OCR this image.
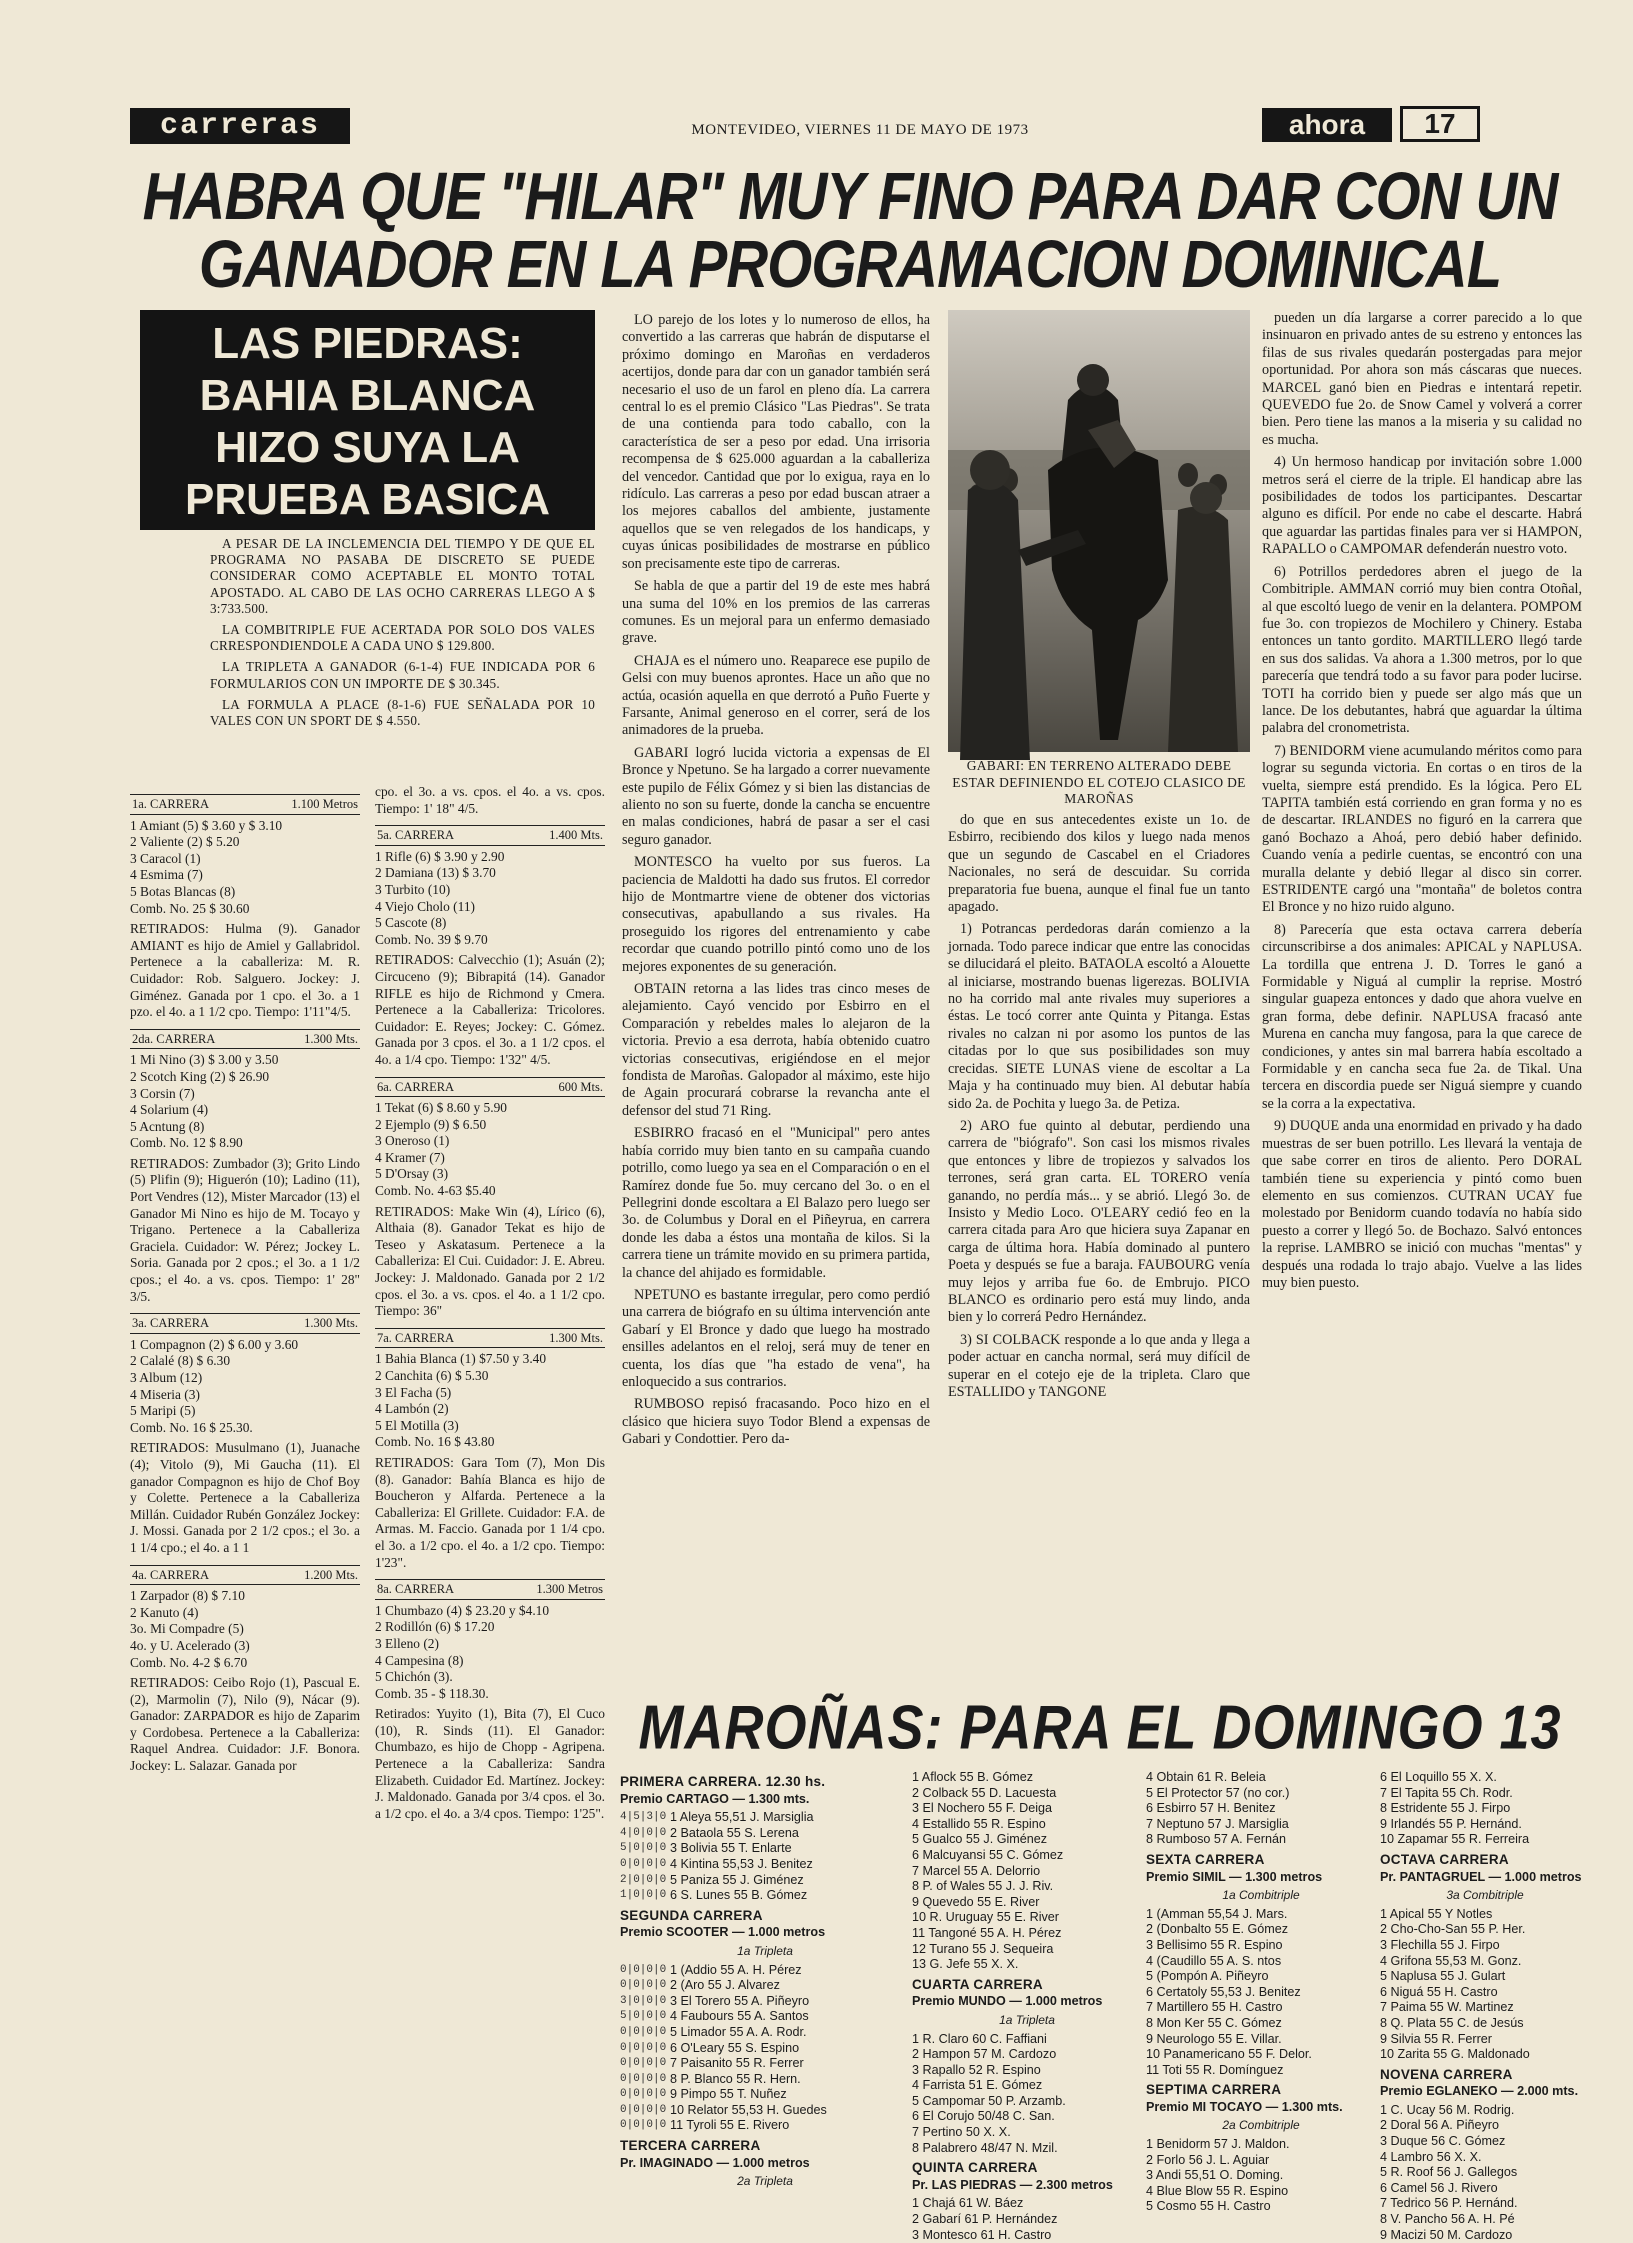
carreras	MONTEVIDEO, VIERNES 11 DE MAYO DE 1973	ahora	17
HABRA QUE "HILAR" MUY FINO PARA DAR CON UN
GANADOR EN LA PROGRAMACION DOMINICAL
LAS PIEDRAS:
BAHIA BLANCA
HIZO SUYA LA
PRUEBA BASICA

A PESAR DE LA INCLEMENCIA DEL TIEMPO Y DE QUE EL PROGRAMA NO PASABA DE DISCRETO SE PUEDE CONSIDERAR COMO ACEPTABLE EL MONTO TOTAL APOSTADO. AL CABO DE LAS OCHO CARRERAS LLEGO A $ 3:733.500.

LA COMBITRIPLE FUE ACERTADA POR SOLO DOS VALES CRRESPONDIENDOLE A CADA UNO $ 129.800.

LA TRIPLETA A GANADOR (6-1-4) FUE INDICADA POR 6 FORMULARIOS CON UN IMPORTE DE $ 30.345.

LA FORMULA A PLACE (8-1-6) FUE SEÑALADA POR 10 VALES CON UN SPORT DE $ 4.550.

1a. CARRERA	1.100 Metros
1 Amiant (5) $ 3.60 y $ 3.10
2 Valiente (2) $ 5.20
3 Caracol (1)
4 Esmima (7)
5 Botas Blancas (8)
Comb. No. 25 $ 30.60
RETIRADOS: Hulma (9). Ganador AMIANT es hijo de Amiel y Gallabridol. Pertenece a la caballeriza: M. R. Cuidador: Rob. Salguero. Jockey: J. Giménez. Ganada por 1 cpo. el 3o. a 1 pzo. el 4o. a 1 1/2 cpo. Tiempo: 1'11"4/5.
2da. CARRERA	1.300 Mts.
1 Mi Nino (3) $ 3.00 y 3.50
2 Scotch King (2) $ 26.90
3 Corsin (7)
4 Solarium (4)
5 Acntung (8)
Comb. No. 12 $ 8.90
RETIRADOS: Zumbador (3); Grito Lindo (5) Plifin (9); Higuerón (10); Ladino (11), Port Vendres (12), Mister Marcador (13) el Ganador Mi Nino es hijo de M. Tocayo y Trigano. Pertenece a la Caballeriza Graciela. Cuidador: W. Pérez; Jockey L. Soria. Ganada por 2 cpos.; el 3o. a 1 1/2 cpos.; el 4o. a vs. cpos. Tiempo: 1' 28" 3/5.
3a. CARRERA	1.300 Mts.
1 Compagnon (2) $ 6.00 y 3.60
2 Calalé (8) $ 6.30
3 Album (12)
4 Miseria (3)
5 Maripi (5)
Comb. No. 16 $ 25.30.
RETIRADOS: Musulmano (1), Juanache (4); Vitolo (9), Mi Gaucha (11). El ganador Compagnon es hijo de Chof Boy y Colette. Pertenece a la Caballeriza Millán. Cuidador Rubén González Jockey: J. Mossi. Ganada por 2 1/2 cpos.; el 3o. a 1 1/4 cpo.; el 4o. a 1 1
4a. CARRERA	1.200 Mts.
1 Zarpador (8) $ 7.10
2 Kanuto (4)
3o. Mi Compadre (5)
4o. y U. Acelerado (3)
Comb. No. 4-2 $ 6.70
RETIRADOS: Ceibo Rojo (1), Pascual E. (2), Marmolin (7), Nilo (9), Nácar (9). Ganador: ZARPADOR es hijo de Zaparim y Cordobesa. Pertenece a la Caballeriza: Raquel Andrea. Cuidador: J.F. Bonora. Jockey: L. Salazar. Ganada por
cpo. el 3o. a vs. cpos. el 4o. a vs. cpos. Tiempo: 1' 18" 4/5.
5a. CARRERA	1.400 Mts.
1 Rifle (6) $ 3.90 y 2.90
2 Damiana (13) $ 3.70
3 Turbito (10)
4 Viejo Cholo (11)
5 Cascote (8)
Comb. No. 39 $ 9.70
RETIRADOS: Calvecchio (1); Asuán (2); Circuceno (9); Bibrapitá (14). Ganador RIFLE es hijo de Richmond y Cmera. Pertenece a la Caballeriza: Tricolores. Cuidador: E. Reyes; Jockey: C. Gómez. Ganada por 3 cpos. el 3o. a 1 1/2 cpos. el 4o. a 1/4 cpo. Tiempo: 1'32" 4/5.
6a. CARRERA	600 Mts.
1 Tekat (6) $ 8.60 y 5.90
2 Ejemplo (9) $ 6.50
3 Oneroso (1)
4 Kramer (7)
5 D'Orsay (3)
Comb. No. 4-63 $5.40
RETIRADOS: Make Win (4), Lírico (6), Althaia (8). Ganador Tekat es hijo de Teseo y Askatasum. Pertenece a la Caballeriza: El Cui. Cuidador: J. E. Abreu. Jockey: J. Maldonado. Ganada por 2 1/2 cpos. el 3o. a vs. cpos. el 4o. a 1 1/2 cpo. Tiempo: 36"
7a. CARRERA	1.300 Mts.
1 Bahia Blanca (1) $7.50 y 3.40
2 Canchita (6) $ 5.30
3 El Facha (5)
4 Lambón (2)
5 El Motilla (3)
Comb. No. 16 $ 43.80
RETIRADOS: Gara Tom (7), Mon Dis (8). Ganador: Bahía Blanca es hijo de Boucheron y Alfarda. Pertenece a la Caballeriza: El Grillete. Cuidador: F.A. de Armas. M. Faccio. Ganada por 1 1/4 cpo. el 3o. a 1/2 cpo. el 4o. a 1/2 cpo. Tiempo: 1'23".
8a. CARRERA	1.300 Metros
1 Chumbazo (4) $ 23.20 y $4.10
2 Rodillón (6) $ 17.20
3 Elleno (2)
4 Campesina (8)
5 Chichón (3).
Comb. 35 - $ 118.30.
Retirados: Yuyito (1), Bita (7), El Cuco (10), R. Sinds (11). El Ganador: Chumbazo, es hijo de Chopp - Agripena. Pertenece a la Caballeriza: Sandra Elizabeth. Cuidador Ed. Martínez. Jockey: J. Maldonado. Ganada por 3/4 cpos. el 3o. a 1/2 cpo. el 4o. a 3/4 cpos. Tiempo: 1'25".

LO parejo de los lotes y lo numeroso de ellos, ha convertido a las carreras que habrán de disputarse el próximo domingo en Maroñas en verdaderos acertijos, donde para dar con un ganador también será necesario el uso de un farol en pleno día. La carrera central lo es el premio Clásico "Las Piedras". Se trata de una contienda para todo caballo, con la característica de ser a peso por edad. Una irrisoria recompensa de $ 625.000 aguardan a la caballeriza del vencedor. Cantidad que por lo exigua, raya en lo ridículo. Las carreras a peso por edad buscan atraer a los mejores caballos del ambiente, justamente aquellos que se ven relegados de los handicaps, y cuyas únicas posibilidades de mostrarse en público son precisamente este tipo de carreras.

Se habla de que a partir del 19 de este mes habrá una suma del 10% en los premios de las carreras comunes. Es un mejoral para un enfermo demasiado grave.

CHAJA es el número uno. Reaparece ese pupilo de Gelsi con muy buenos aprontes. Hace un año que no actúa, ocasión aquella en que derrotó a Puño Fuerte y Farsante, Animal generoso en el correr, será de los animadores de la prueba.

GABARI logró lucida victoria a expensas de El Bronce y Npetuno. Se ha largado a correr nuevamente este pupilo de Félix Gómez y si bien las distancias de aliento no son su fuerte, donde la cancha se encuentre en malas condiciones, habrá de pasar a ser el casi seguro ganador.

MONTESCO ha vuelto por sus fueros. La paciencia de Maldotti ha dado sus frutos. El corredor hijo de Montmartre viene de obtener dos victorias consecutivas, apabullando a sus rivales. Ha proseguido los rigores del entrenamiento y cabe recordar que cuando potrillo pintó como uno de los mejores exponentes de su generación.

OBTAIN retorna a las lides tras cinco meses de alejamiento. Cayó vencido por Esbirro en el Comparación y rebeldes males lo alejaron de la victoria. Previo a esa derrota, había obtenido cuatro victorias consecutivas, erigiéndose en el mejor fondista de Maroñas. Galopador al máximo, este hijo de Again procurará cobrarse la revancha ante el defensor del stud 71 Ring.

ESBIRRO fracasó en el "Municipal" pero antes había corrido muy bien tanto en su campaña cuando potrillo, como luego ya sea en el Comparación o en el Ramírez donde fue 5o. muy cercano del 3o. o en el Pellegrini donde escoltara a El Balazo pero luego ser 3o. de Columbus y Doral en el Piñeyrua, en carrera donde les daba a éstos una montaña de kilos. Si la carrera tiene un trámite movido en su primera partida, la chance del ahijado es formidable.

NPETUNO es bastante irregular, pero como perdió una carrera de biógrafo en su última intervención ante Gabarí y El Bronce y dado que luego ha mostrado ensilles adelantos en el reloj, será muy de tener en cuenta, los días que "ha estado de vena", ha enloquecido a sus contrarios.

RUMBOSO repisó fracasando. Poco hizo en el clásico que hiciera suyo Todor Blend a expensas de Gabari y Condottier. Pero da-

GABARI: EN TERRENO ALTERADO DEBE ESTAR DEFINIENDO EL COTEJO CLASICO DE MAROÑAS

do que en sus antecedentes existe un 1o. de Esbirro, recibiendo dos kilos y luego nada menos que un segundo de Cascabel en el Criadores Nacionales, no será de descuidar. Su corrida preparatoria fue buena, aunque el final fue un tanto apagado.

1) Potrancas perdedoras darán comienzo a la jornada. Todo parece indicar que entre las conocidas se dilucidará el pleito. BATAOLA escoltó a Alouette al iniciarse, mostrando buenas ligerezas. BOLIVIA no ha corrido mal ante rivales muy superiores a éstas. Le tocó correr ante Quinta y Pitanga. Estas rivales no calzan ni por asomo los puntos de las citadas por lo que sus posibilidades son muy crecidas. SIETE LUNAS viene de escoltar a La Maja y ha continuado muy bien. Al debutar había sido 2a. de Pochita y luego 3a. de Petiza.

2) ARO fue quinto al debutar, perdiendo una carrera de "biógrafo". Son casi los mismos rivales que entonces y libre de tropiezos y salvados los terrones, será gran carta. EL TORERO venía ganando, no perdía más... y se abrió. Llegó 3o. de Insisto y Medio Loco. O'LEARY cedió feo en la carrera citada para Aro que hiciera suya Zapanar en carga de última hora. Había dominado al puntero Poeta y después se fue a baraja. FAUBOURG venía muy lejos y arriba fue 6o. de Embrujo. PICO BLANCO es ordinario pero está muy lindo, anda bien y lo correrá Pedro Hernández.

3) SI COLBACK responde a lo que anda y llega a poder actuar en cancha normal, será muy difícil de superar en el cotejo eje de la tripleta. Claro que ESTALLIDO y TANGONE

pueden un día largarse a correr parecido a lo que insinuaron en privado antes de su estreno y entonces las filas de sus rivales quedarán postergadas para mejor oportunidad. Por ahora son más cáscaras que nueces. MARCEL ganó bien en Piedras e intentará repetir. QUEVEDO fue 2o. de Snow Camel y volverá a correr bien. Pero tiene las manos a la miseria y su calidad no es mucha.

4) Un hermoso handicap por invitación sobre 1.000 metros será el cierre de la triple. El handicap abre las posibilidades de todos los participantes. Descartar alguno es difícil. Por ende no cabe el descarte. Habrá que aguardar las partidas finales para ver si HAMPON, RAPALLO o CAMPOMAR defenderán nuestro voto.

6) Potrillos perdedores abren el juego de la Combitriple. AMMAN corrió muy bien contra Otoñal, al que escoltó luego de venir en la delantera. POMPOM fue 3o. con tropiezos de Mochilero y Chinery. Estaba entonces un tanto gordito. MARTILLERO llegó tarde en sus dos salidas. Va ahora a 1.300 metros, por lo que parecería que tendrá todo a su favor para poder lucirse. TOTI ha corrido bien y puede ser algo más que un lance. De los debutantes, habrá que aguardar la última palabra del cronometrista.

7) BENIDORM viene acumulando méritos como para lograr su segunda victoria. En cortas o en tiros de la vuelta, siempre está prendido. Es la lógica. Pero EL TAPITA también está corriendo en gran forma y no es de descartar. IRLANDES no figuró en la carrera que ganó Bochazo a Ahoá, pero debió haber definido. Cuando venía a pedirle cuentas, se encontró con una muralla delante y debió llegar al disco sin correr. ESTRIDENTE cargó una "montaña" de boletos contra El Bronce y no hizo ruido alguno.

8) Parecería que esta octava carrera debería circunscribirse a dos animales: APICAL y NAPLUSA. La tordilla que entrena J. D. Torres le ganó a Formidable y Niguá al cumplir la reprise. Mostró singular guapeza entonces y dado que ahora vuelve en gran forma, debe definir. NAPLUSA fracasó ante Murena en cancha muy fangosa, para la que carece de condiciones, y antes sin mal barrera había escoltado a Formidable y en cancha seca fue 2a. de Tikal. Una tercera en discordia puede ser Niguá siempre y cuando se la corra a la expectativa.

9) DUQUE anda una enormidad en privado y ha dado muestras de ser buen potrillo. Les llevará la ventaja de que sabe correr en tiros de aliento. Pero DORAL también tiene su experiencia y pintó como buen elemento en sus comienzos. CUTRAN UCAY fue molestado por Benidorm cuando todavía no había sido puesto a correr y llegó 5o. de Bochazo. Salvó entonces la reprise. LAMBRO se inició con muchas "mentas" y después una rodada lo trajo abajo. Vuelve a las lides muy bien puesto.

MAROÑAS: PARA EL DOMINGO 13
PRIMERA CARRERA. 12.30 hs.
Premio CARTAGO — 1.300 mts.
4|5|3|0 1 Aleya 55,51 J. Marsiglia
4|0|0|0 2 Bataola 55 S. Lerena
5|0|0|0 3 Bolivia 55 T. Enlarte
0|0|0|0 4 Kintina 55,53 J. Benitez
2|0|0|0 5 Paniza 55 J. Giménez
1|0|0|0 6 S. Lunes 55 B. Gómez
SEGUNDA CARRERA
Premio SCOOTER — 1.000 metros
1a Tripleta
0|0|0|0 1 (Addio 55 A. H. Pérez
0|0|0|0 2 (Aro 55 J. Alvarez
3|0|0|0 3 El Torero 55 A. Piñeyro
5|0|0|0 4 Faubours 55 A. Santos
0|0|0|0 5 Limador 55 A. A. Rodr.
0|0|0|0 6 O'Leary 55 S. Espino
0|0|0|0 7 Paisanito 55 R. Ferrer
0|0|0|0 8 P. Blanco 55 R. Hern.
0|0|0|0 9 Pimpo 55 T. Nuñez
0|0|0|0 10 Relator 55,53 H. Guedes
0|0|0|0 11 Tyroli 55 E. Rivero
TERCERA CARRERA
Pr. IMAGINADO — 1.000 metros
2a Tripleta
1 Aflock 55 B. Gómez
2 Colback 55 D. Lacuesta
3 El Nochero 55 F. Deiga
4 Estallido 55 R. Espino
5 Gualco 55 J. Giménez
6 Malcuyansi 55 C. Gómez
7 Marcel 55 A. Delorrio
8 P. of Wales 55 J. J. Riv.
9 Quevedo 55 E. River
10 R. Uruguay 55 E. River
11 Tangoné 55 A. H. Pérez
12 Turano 55 J. Sequeira
13 G. Jefe 55 X. X.
CUARTA CARRERA
Premio MUNDO — 1.000 metros
1a Tripleta
1 R. Claro 60 C. Faffiani
2 Hampon 57 M. Cardozo
3 Rapallo 52 R. Espino
4 Farrista 51 E. Gómez
5 Campomar 50 P. Arzamb.
6 El Corujo 50/48 C. San.
7 Pertino 50 X. X.
8 Palabrero 48/47 N. Mzil.
QUINTA CARRERA
Pr. LAS PIEDRAS — 2.300 metros
1 Chajá 61 W. Báez
2 Gabarí 61 P. Hernández
3 Montesco 61 H. Castro
4 Obtain 61 R. Beleia
5 El Protector 57 (no cor.)
6 Esbirro 57 H. Benitez
7 Neptuno 57 J. Marsiglia
8 Rumboso 57 A. Fernán
SEXTA CARRERA
Premio SIMIL — 1.300 metros
1a Combitriple
1 (Amman 55,54 J. Mars.
2 (Donbalto 55 E. Gómez
3 Bellisimo 55 R. Espino
4 (Caudillo 55 A. S. ntos
5 (Pompón A. Piñeyro
6 Certatoly 55,53 J. Benitez
7 Martillero 55 H. Castro
8 Mon Ker 55 C. Gómez
9 Neurologo 55 E. Villar.
10 Panamericano 55 F. Delor.
11 Toti 55 R. Domínguez
SEPTIMA CARRERA
Premio MI TOCAYO — 1.300 mts.
2a Combitriple
1 Benidorm 57 J. Maldon.
2 Forlo 56 J. L. Aguiar
3 Andi 55,51 O. Doming.
4 Blue Blow 55 R. Espino
5 Cosmo 55 H. Castro
6 El Loquillo 55 X. X.
7 El Tapita 55 Ch. Rodr.
8 Estridente 55 J. Firpo
9 Irlandés 55 P. Hernánd.
10 Zapamar 55 R. Ferreira
OCTAVA CARRERA
Pr. PANTAGRUEL — 1.000 metros
3a Combitriple
1 Apical 55 Y Notles
2 Cho-Cho-San 55 P. Her.
3 Flechilla 55 J. Firpo
4 Grifona 55,53 M. Gonz.
5 Naplusa 55 J. Gulart
6 Niguá 55 H. Castro
7 Paima 55 W. Martinez
8 Q. Plata 55 C. de Jesús
9 Silvia 55 R. Ferrer
10 Zarita 55 G. Maldonado
NOVENA CARRERA
Premio EGLANEKO — 2.000 mts.
1 C. Ucay 56 M. Rodrig.
2 Doral 56 A. Piñeyro
3 Duque 56 C. Gómez
4 Lambro 56 X. X.
5 R. Roof 56 J. Gallegos
6 Camel 56 J. Rivero
7 Tedrico 56 P. Hernánd.
8 V. Pancho 56 A. H. Pé
9 Macizi 50 M. Cardozo
